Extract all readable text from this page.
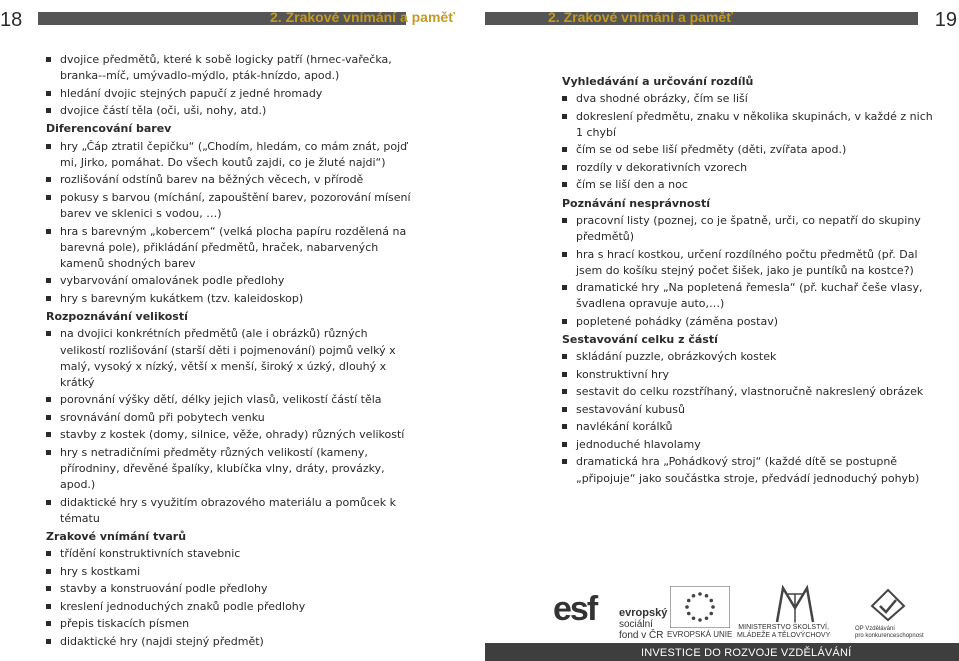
18	2. Zrakové vnímání a paměť	2. Zrakové vnímání a paměť	19
dvojice předmětů, které k sobě logicky patří (hrnec-vařečka, branka--míč, umývadlo-mýdlo, pták-hnízdo, apod.)
hledání dvojic stejných papučí z jedné hromady
dvojice částí těla (oči, uši, nohy, atd.)
Diferencování barev
hry „Čáp ztratil čepičku“ („Chodím, hledám, co mám znát, pojď mi, Jirko, pomáhat. Do všech koutů zajdi, co je žluté najdi“)
rozlišování odstínů barev na běžných věcech, v přírodě
pokusy s barvou (míchání, zapouštění barev, pozorování mísení barev ve sklenici s vodou, …)
hra s barevným „kobercem“ (velká plocha papíru rozdělená na barevná pole), přikládání předmětů, hraček, nabarvených kamenů shodných barev
vybarvování omalovánek podle předlohy
hry s barevným kukátkem (tzv. kaleidoskop)
Rozpoznávání velikostí
na dvojici konkrétních předmětů (ale i obrázků) různých velikostí rozlišování (starší děti i pojmenování) pojmů velký x malý, vysoký x nízký, větší x menší, široký x úzký, dlouhý x krátký
porovnání výšky dětí, délky jejich vlasů, velikostí částí těla
srovnávání domů při pobytech venku
stavby z kostek (domy, silnice, věže, ohrady) různých velikostí
hry s netradičními předměty různých velikostí (kameny, přírodniny, dřevěné špalíky, klubíčka vlny, dráty, provázky, apod.)
didaktické hry s využitím obrazového materiálu a pomůcek k tématu
Zrakové vnímání tvarů
třídění konstruktivních stavebnic
hry s kostkami
stavby a konstruování podle předlohy
kreslení jednoduchých znaků podle předlohy
přepis tiskacích písmen
didaktické hry (najdi stejný předmět)
Vyhledávání a určování rozdílů
dva shodné obrázky, čím se liší
dokreslení předmětu, znaku v několika skupinách, v každé z nich 1 chybí
čím se od sebe liší předměty (děti, zvířata apod.)
rozdíly v dekorativních vzorech
čím se liší den a noc
Poznávání nesprávností
pracovní listy (poznej, co je špatně, urči, co nepatří do skupiny předmětů)
hra s hrací kostkou, určení rozdílného počtu předmětů (př. Dal jsem do košíku stejný počet šišek, jako je puntíků na kostce?)
dramatické hry „Na popletená řemesla“ (př. kuchař češe vlasy, švadlena opravuje auto,…)
popletené pohádky (záměna postav)
Sestavování celku z částí
skládání puzzle, obrázkových kostek
konstruktivní hry
sestavit do celku rozstříhaný, vlastnoručně nakreslený obrázek
sestavování kubusů
navlékání korálků
jednoduché hlavolamy
dramatická hra „Pohádkový stroj“ (každé dítě se postupně „připojuje“ jako součástka stroje, předvádí jednoduchý pohyb)
esf evropský
sociální
fond v ČR EVROPSKÁ UNIE
MINISTERSTVO ŠKOLSTVÍ,
MLÁDEŽE A TĚLOVÝCHOVY
OP Vzdělávání
pro konkurenceschopnost
INVESTICE DO ROZVOJE VZDĚLÁVÁNÍ
